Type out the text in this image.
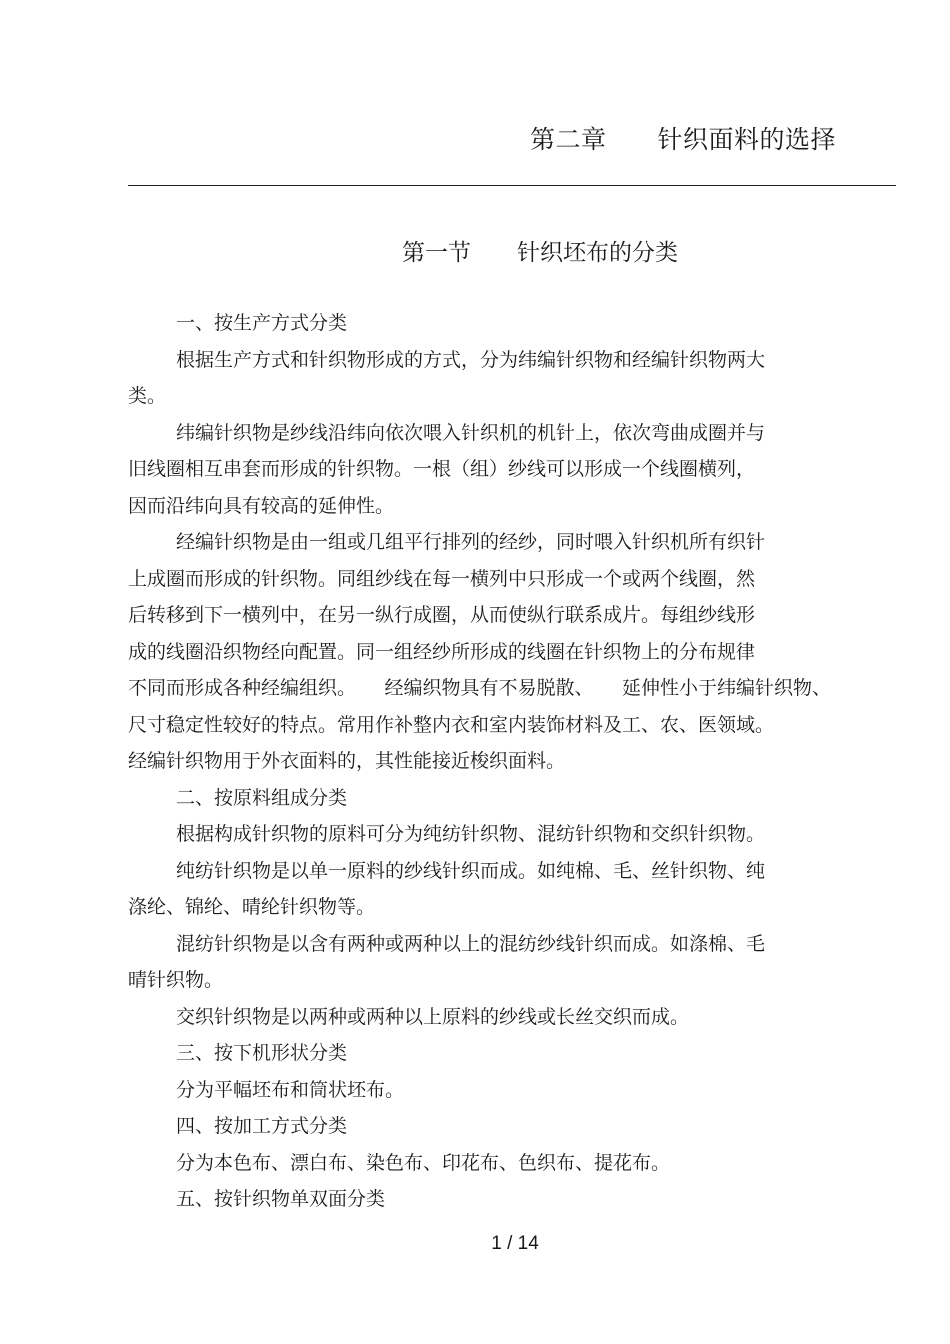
第二章　　针织面料的选择
第一节　　针织坯布的分类
一、按生产方式分类
根据生产方式和针织物形成的方式，分为纬编针织物和经编针织物两大
类。
纬编针织物是纱线沿纬向依次喂入针织机的机针上，依次弯曲成圈并与
旧线圈相互串套而形成的针织物。一根（组）纱线可以形成一个线圈横列，
因而沿纬向具有较高的延伸性。
经编针织物是由一组或几组平行排列的经纱，同时喂入针织机所有织针
上成圈而形成的针织物。同组纱线在每一横列中只形成一个或两个线圈，然
后转移到下一横列中，在另一纵行成圈，从而使纵行联系成片。每组纱线形
成的线圈沿织物经向配置。同一组经纱所形成的线圈在针织物上的分布规律
不同而形成各种经编组织。　　经编织物具有不易脱散、　　延伸性小于纬编针织物、
尺寸稳定性较好的特点。常用作补整内衣和室内装饰材料及工、农、医领域。
经编针织物用于外衣面料的，其性能接近梭织面料。
二、按原料组成分类
根据构成针织物的原料可分为纯纺针织物、混纺针织物和交织针织物。
纯纺针织物是以单一原料的纱线针织而成。如纯棉、毛、丝针织物、纯
涤纶、锦纶、晴纶针织物等。
混纺针织物是以含有两种或两种以上的混纺纱线针织而成。如涤棉、毛
晴针织物。
交织针织物是以两种或两种以上原料的纱线或长丝交织而成。
三、按下机形状分类
分为平幅坯布和筒状坯布。
四、按加工方式分类
分为本色布、漂白布、染色布、印花布、色织布、提花布。
五、按针织物单双面分类
1 / 14
